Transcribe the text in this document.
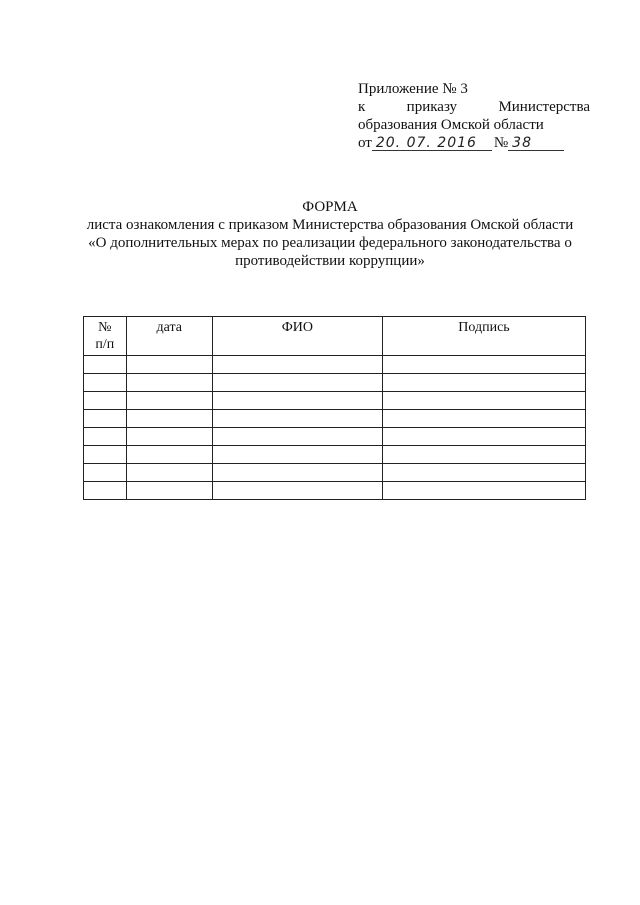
Приложение № 3
к	приказу	Министерства
образования Омской области
от 20. 07. 2016 № 38
ФОРМА
листа ознакомления с приказом Министерства образования Омской области
«О дополнительных мерах по реализации федерального законодательства о
противодействии коррупции»
№
п/п	дата	ФИО	Подпись
